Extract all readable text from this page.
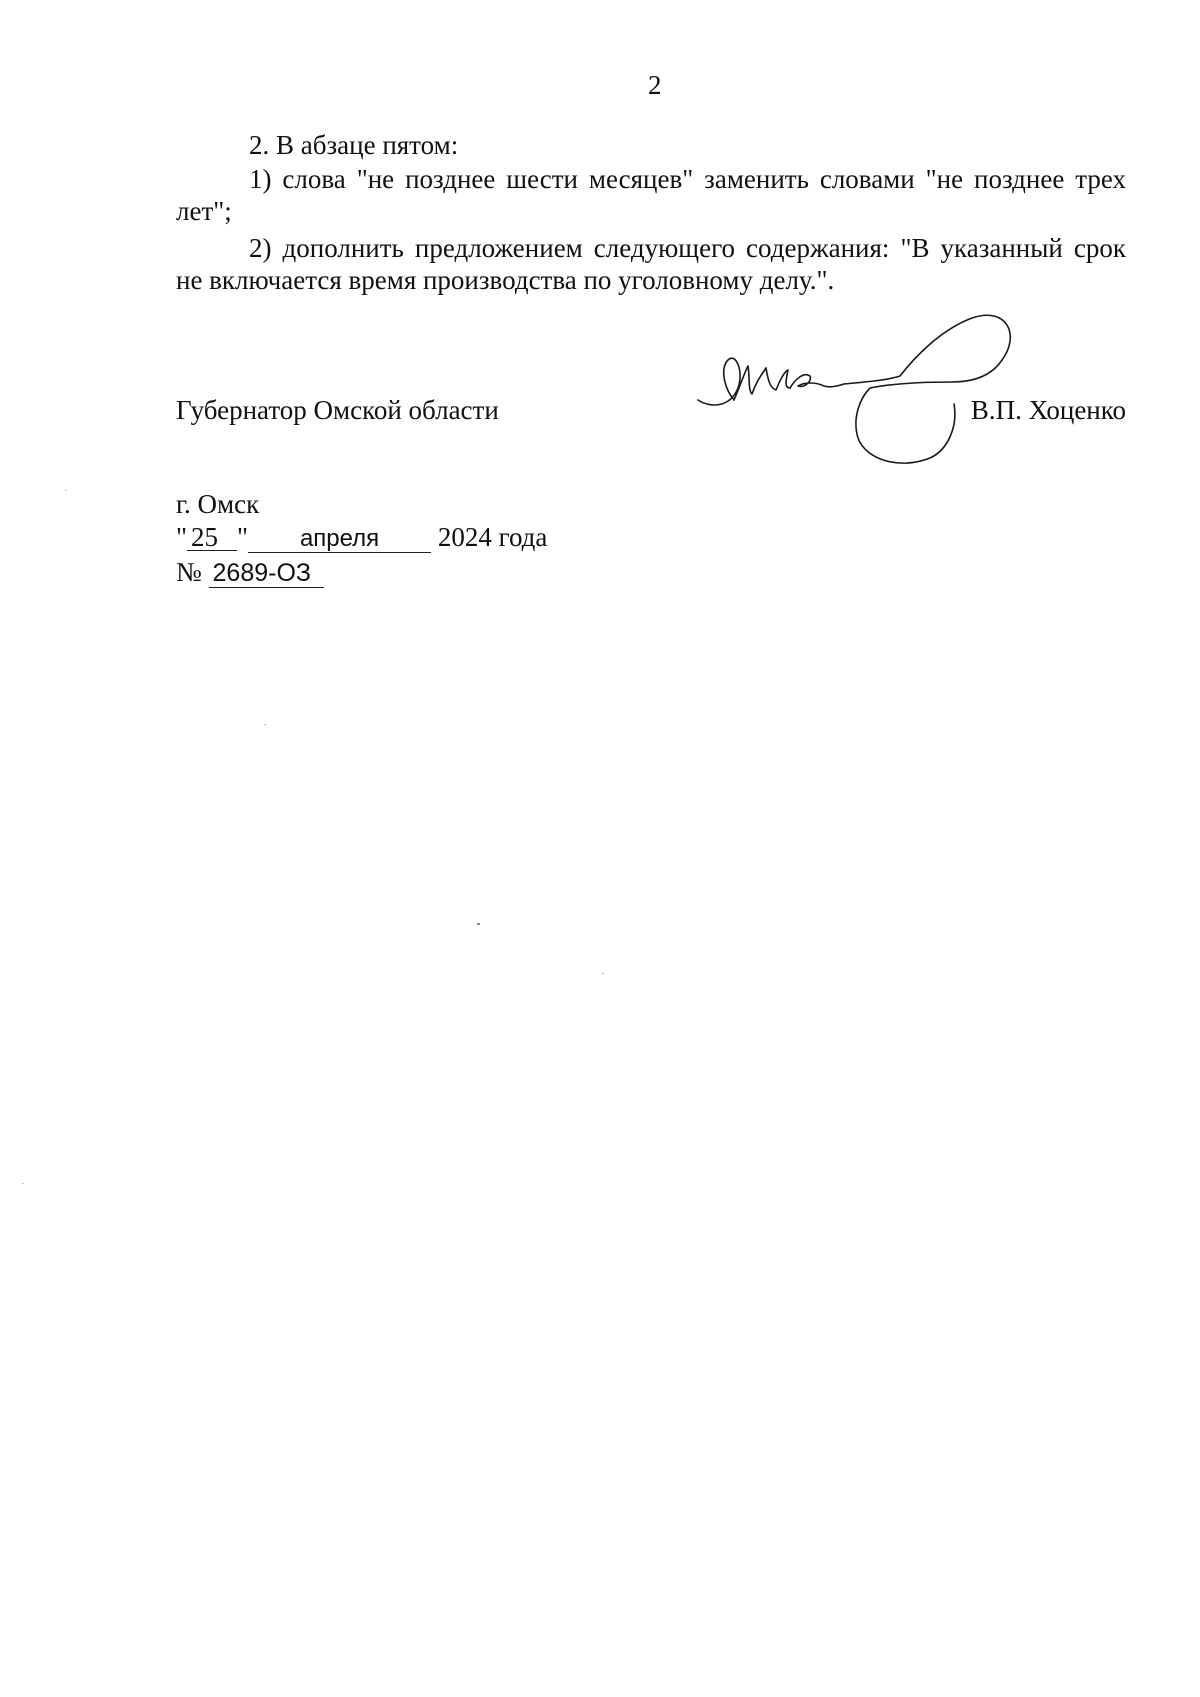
2

2. В абзаце пятом:

1) слова "не позднее шести месяцев" заменить словами "не позднее трех лет";

2) дополнить предложением следующего содержания: "В указанный срок не включается время производства по уголовному делу.".

Губернатор Омской области	В.П. Хоценко
г. Омск
" 25" апреля 2024 года
№ 2689-ОЗ
